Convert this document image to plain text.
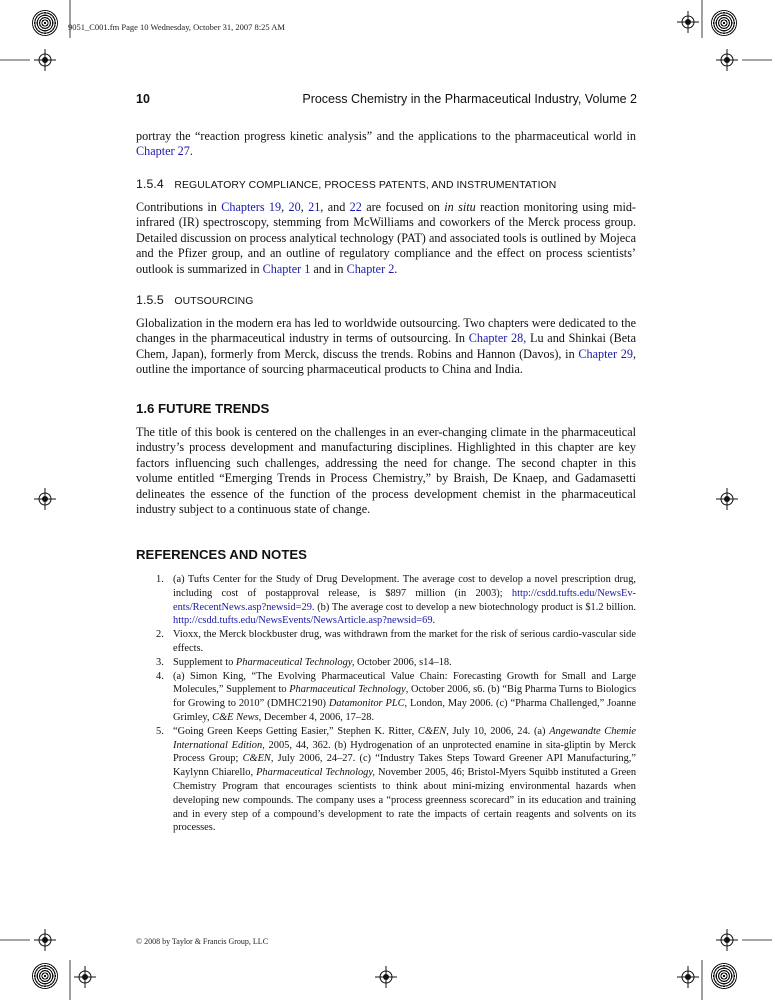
9051_C001.fm Page 10 Wednesday, October 31, 2007 8:25 AM
10	Process Chemistry in the Pharmaceutical Industry, Volume 2

portray the “reaction progress kinetic analysis” and the applications to the pharmaceutical world in Chapter 27.

1.5.4 REGULATORY COMPLIANCE, PROCESS PATENTS, AND INSTRUMENTATION

Contributions in Chapters 19, 20, 21, and 22 are focused on in situ reaction monitoring using mid-infrared (IR) spectroscopy, stemming from McWilliams and coworkers of the Merck process group. Detailed discussion on process analytical technology (PAT) and associated tools is outlined by Mojeca and the Pfizer group, and an outline of regulatory compliance and the effect on process scientists’ outlook is summarized in Chapter 1 and in Chapter 2.

1.5.5 OUTSOURCING

Globalization in the modern era has led to worldwide outsourcing. Two chapters were dedicated to the changes in the pharmaceutical industry in terms of outsourcing. In Chapter 28, Lu and Shinkai (Beta Chem, Japan), formerly from Merck, discuss the trends. Robins and Hannon (Davos), in Chapter 29, outline the importance of sourcing pharmaceutical products to China and India.

1.6 FUTURE TRENDS

The title of this book is centered on the challenges in an ever-changing climate in the pharmaceutical industry’s process development and manufacturing disciplines. Highlighted in this chapter are key factors influencing such challenges, addressing the need for change. The second chapter in this volume entitled “Emerging Trends in Process Chemistry,” by Braish, De Knaep, and Gadamasetti delineates the essence of the function of the process development chemist in the pharmaceutical industry subject to a continuous state of change.

REFERENCES AND NOTES
1. (a) Tufts Center for the Study of Drug Development. The average cost to develop a novel prescription drug, including cost of postapproval release, is $897 million (in 2003); http://csdd.tufts.edu/NewsEv-ents/RecentNews.asp?newsid=29. (b) The average cost to develop a new biotechnology product is $1.2 billion. http://csdd.tufts.edu/NewsEvents/NewsArticle.asp?newsid=69.
2. Vioxx, the Merck blockbuster drug, was withdrawn from the market for the risk of serious cardio-vascular side effects.
3. Supplement to Pharmaceutical Technology, October 2006, s14–18.
4. (a) Simon King, “The Evolving Pharmaceutical Value Chain: Forecasting Growth for Small and Large Molecules,” Supplement to Pharmaceutical Technology, October 2006, s6. (b) “Big Pharma Turns to Biologics for Growing to 2010” (DMHC2190) Datamonitor PLC, London, May 2006. (c) “Pharma Challenged,” Joanne Grimley, C&E News, December 4, 2006, 17–28.
5. “Going Green Keeps Getting Easier,” Stephen K. Ritter, C&EN, July 10, 2006, 24. (a) Angewandte Chemie International Edition, 2005, 44, 362. (b) Hydrogenation of an unprotected enamine in sita-gliptin by Merck Process Group; C&EN, July 2006, 24–27. (c) “Industry Takes Steps Toward Greener API Manufacturing,” Kaylynn Chiarello, Pharmaceutical Technology, November 2005, 46; Bristol-Myers Squibb instituted a Green Chemistry Program that encourages scientists to think about mini-mizing environmental hazards when developing new compounds. The company uses a “process greenness scorecard” in its education and training and in every step of a compound’s development to rate the impacts of certain reagents and solvents on its processes.
© 2008 by Taylor & Francis Group, LLC
